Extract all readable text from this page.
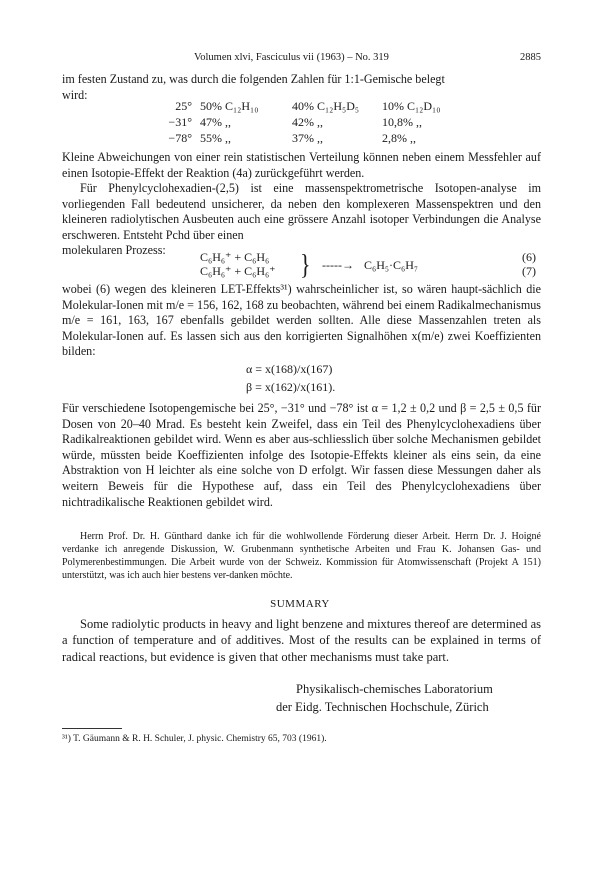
Volumen xlvi, Fasciculus vii (1963) – No. 319	2885

im festen Zustand zu, was durch die folgenden Zahlen für 1:1-Gemische belegt

wird:

25° 50% C₁₂H₁₀	40% C₁₂H₅D₅	10% C₁₂D₁₀
−31° 47% ,,	42% ,,	10,8% ,,
−78° 55% ,,	37% ,,	2,8% ,,

Kleine Abweichungen von einer rein statistischen Verteilung können neben einem Messfehler auf einen Isotopie-Effekt der Reaktion (4a) zurückgeführt werden.

Für Phenylcyclohexadien-(2,5) ist eine massenspektrometrische Isotopen-analyse im vorliegenden Fall bedeutend unsicherer, da neben den komplexeren Massenspektren und den kleineren radiolytischen Ausbeuten auch eine grössere Anzahl isotoper Verbindungen die Analyse erschweren. Entsteht Pchd über einen

molekularen Prozess:	C₆H₆⁺ + C₆H₆
C₆H₆⁺ + C₆H₆⁺ } -----→ C₆H₅·C₆H₇
(6)
(7)

wobei (6) wegen des kleineren LET-Effekts³¹) wahrscheinlicher ist, so wären haupt-sächlich die Molekular-Ionen mit m/e = 156, 162, 168 zu beobachten, während bei einem Radikalmechanismus m/e = 161, 163, 167 ebenfalls gebildet werden sollten. Alle diese Massenzahlen treten als Molekular-Ionen auf. Es lassen sich aus den korrigierten Signalhöhen x(m/e) zwei Koeffizienten bilden:

α = x(168)/x(167)
β = x(162)/x(161).

Für verschiedene Isotopengemische bei 25°, −31° und −78° ist α = 1,2 ± 0,2 und β = 2,5 ± 0,5 für Dosen von 20–40 Mrad. Es besteht kein Zweifel, dass ein Teil des Phenylcyclohexadiens über Radikalreaktionen gebildet wird. Wenn es aber aus-schliesslich über solche Mechanismen gebildet würde, müssten beide Koeffizienten infolge des Isotopie-Effekts kleiner als eins sein, da eine Abstraktion von H leichter als eine solche von D erfolgt. Wir fassen diese Messungen daher als weitern Beweis für die Hypothese auf, dass ein Teil des Phenylcyclohexadiens über nichtradikalische Reaktionen gebildet wird.

Herrn Prof. Dr. H. Günthard danke ich für die wohlwollende Förderung dieser Arbeit. Herrn Dr. J. Hoigné verdanke ich anregende Diskussion, W. Grubenmann synthetische Arbeiten und Frau K. Johansen Gas- und Polymerenbestimmungen. Die Arbeit wurde von der Schweiz. Kommission für Atomwissenschaft (Projekt A 151) unterstützt, was ich auch hier bestens ver-danken möchte.

SUMMARY

Some radiolytic products in heavy and light benzene and mixtures thereof are determined as a function of temperature and of additives. Most of the results can be explained in terms of radical reactions, but evidence is given that other mechanisms must take part.

Physikalisch-chemisches Laboratorium
der Eidg. Technischen Hochschule, Zürich
³¹) T. Gäumann & R. H. Schuler, J. physic. Chemistry 65, 703 (1961).
